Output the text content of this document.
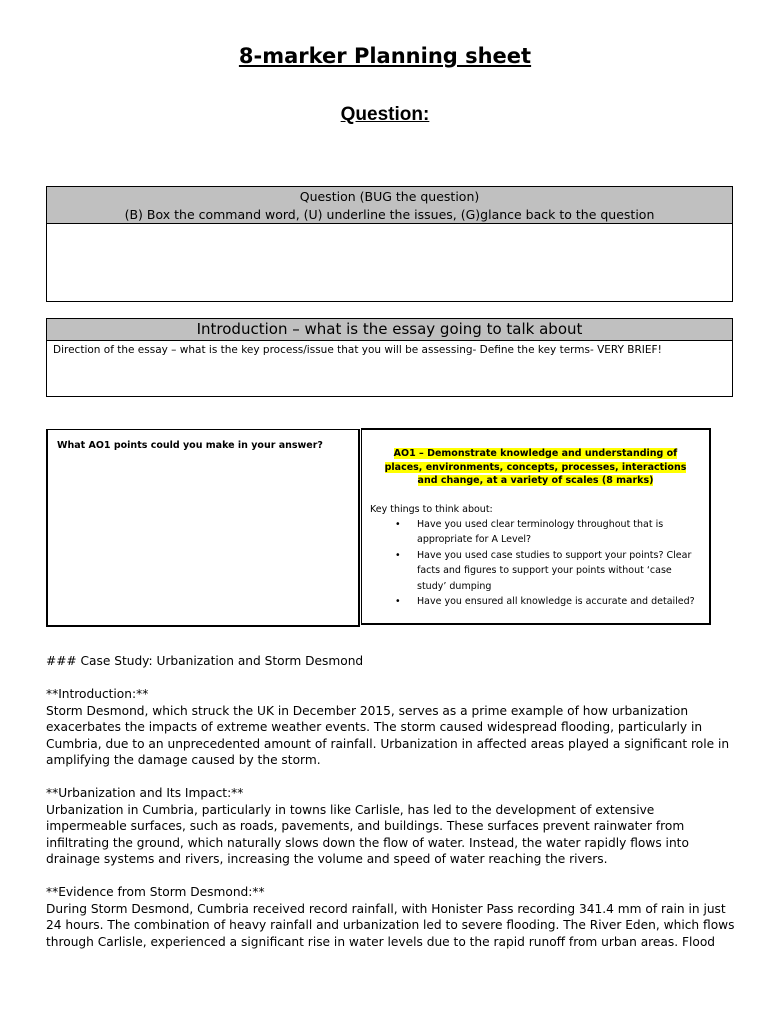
8-marker Planning sheet
Question:
Question (BUG the question)
(B) Box the command word, (U) underline the issues, (G)glance back to the question
Introduction – what is the essay going to talk about
Direction of the essay – what is the key process/issue that you will be assessing- Define the key terms- VERY BRIEF!
What AO1 points could you make in your answer?
AO1 – Demonstrate knowledge and understanding of places, environments, concepts, processes, interactions and change, at a variety of scales (8 marks)
Key things to think about:
• Have you used clear terminology throughout that is appropriate for A Level?
• Have you used case studies to support your points? Clear facts and figures to support your points without ‘case study’ dumping
• Have you ensured all knowledge is accurate and detailed?

### Case Study: Urbanization and Storm Desmond

**Introduction:**
Storm Desmond, which struck the UK in December 2015, serves as a prime example of how urbanization exacerbates the impacts of extreme weather events. The storm caused widespread flooding, particularly in Cumbria, due to an unprecedented amount of rainfall. Urbanization in affected areas played a significant role in amplifying the damage caused by the storm.

**Urbanization and Its Impact:**
Urbanization in Cumbria, particularly in towns like Carlisle, has led to the development of extensive impermeable surfaces, such as roads, pavements, and buildings. These surfaces prevent rainwater from infiltrating the ground, which naturally slows down the flow of water. Instead, the water rapidly flows into drainage systems and rivers, increasing the volume and speed of water reaching the rivers.

**Evidence from Storm Desmond:**
During Storm Desmond, Cumbria received record rainfall, with Honister Pass recording 341.4 mm of rain in just 24 hours. The combination of heavy rainfall and urbanization led to severe flooding. The River Eden, which flows through Carlisle, experienced a significant rise in water levels due to the rapid runoff from urban areas. Flood
